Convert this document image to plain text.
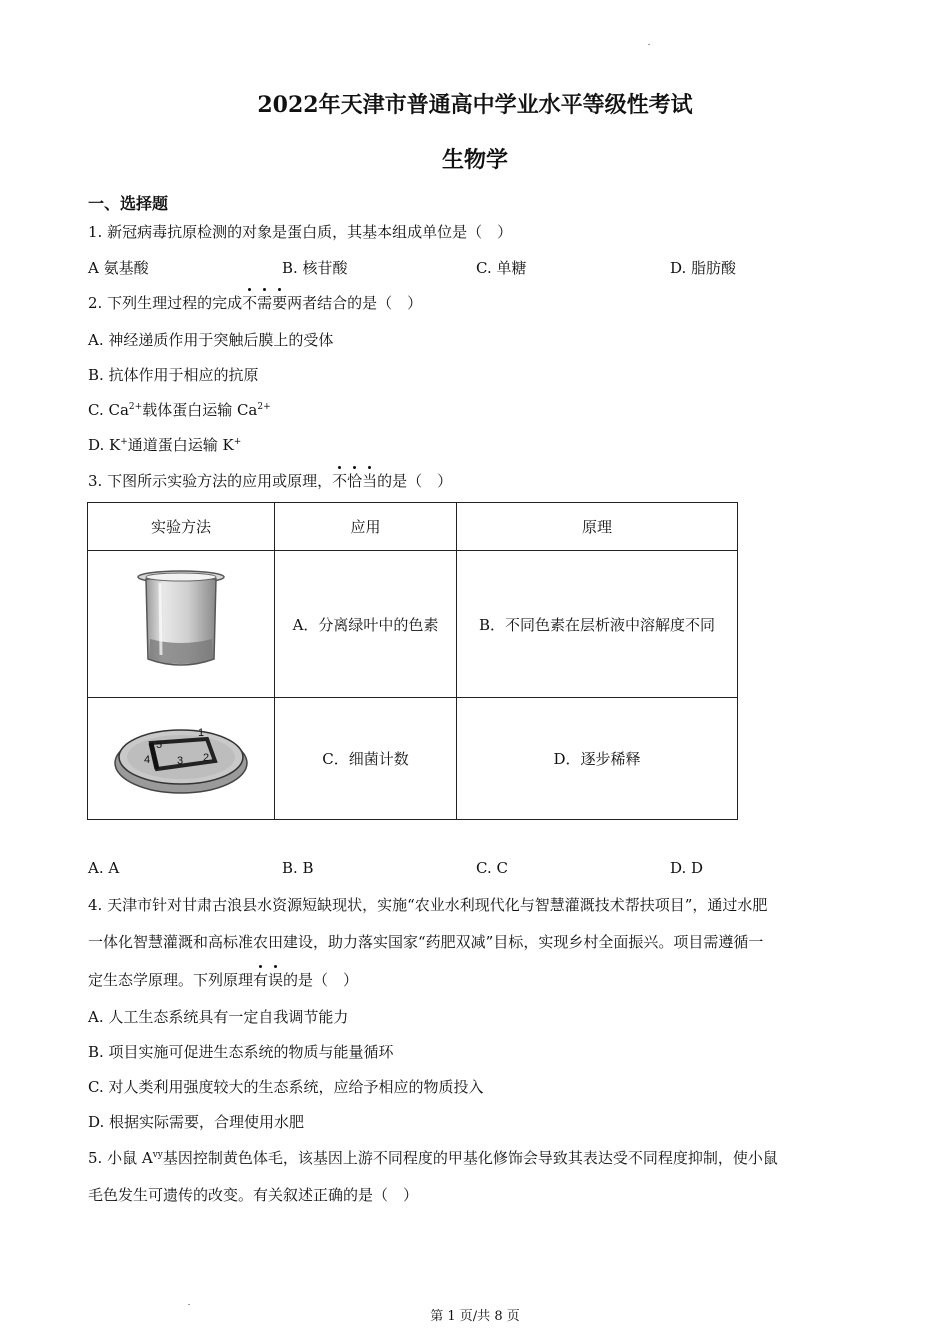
2022年天津市普通高中学业水平等级性考试
生物学
一、选择题
1. 新冠病毒抗原检测的对象是蛋白质，其基本组成单位是（　）
A 氨基酸	B. 核苷酸	C. 单糖	D. 脂肪酸
2. 下列生理过程的完成不需要两者结合的是（　）
A. 神经递质作用于突触后膜上的受体
B. 抗体作用于相应的抗原
C. $Ca^{2+}$载体蛋白运输 $Ca^{2+}$
D. K+通道蛋白运输 K+
3. 下图所示实验方法的应用或原理，不恰当的是（　）
实验方法	应用	原理
	A．分离绿叶中的色素	B．不同色素在层析液中溶解度不同

1
2
3
4
5	C．细菌计数	D．逐步稀释
A. A	B. B	C. C	D. D
4. 天津市针对甘肃古浪县水资源短缺现状，实施“农业水利现代化与智慧灌溉技术帮扶项目”，通过水肥
一体化智慧灌溉和高标准农田建设，助力落实国家“药肥双减”目标，实现乡村全面振兴。项目需遵循一
定生态学原理。下列原理有误的是（　）
A. 人工生态系统具有一定自我调节能力
B. 项目实施可促进生态系统的物质与能量循环
C. 对人类利用强度较大的生态系统，应给予相应的物质投入
D. 根据实际需要，合理使用水肥
5. 小鼠 $A^{vy}$基因控制黄色体毛，该基因上游不同程度的甲基化修饰会导致其表达受不同程度抑制，使小鼠
毛色发生可遗传的改变。有关叙述正确的是（　）
第 1 页/共 8 页
